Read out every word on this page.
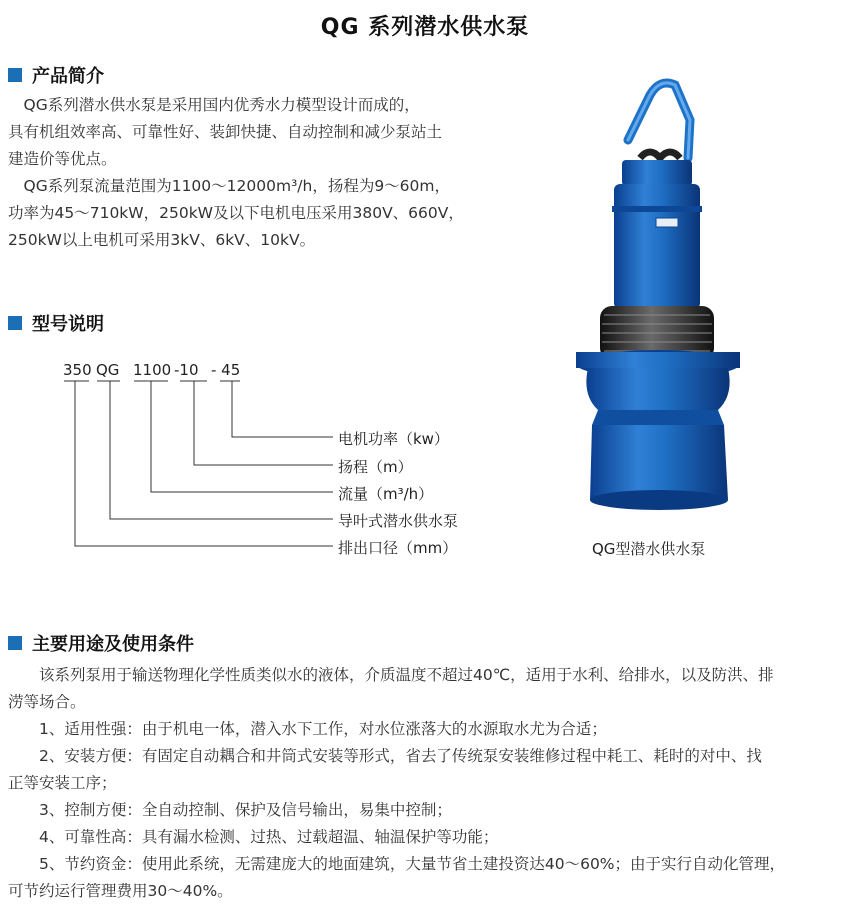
QG 系列潜水供水泵
产品简介
　QG系列潜水供水泵是采用国内优秀水力模型设计而成的，
具有机组效率高、可靠性好、装卸快捷、自动控制和减少泵站土
建造价等优点。
　QG系列泵流量范围为1100～12000m³/h，扬程为9～60m，
功率为45～710kW，250kW及以下电机电压采用380V、660V，
250kW以上电机可采用3kV、6kV、10kV。
型号说明
350 QG 1100 -10 - 45
电机功率（kw）
扬程（m）
流量（m³/h）
导叶式潜水供水泵
排出口径（mm）	QG型潜水供水泵
主要用途及使用条件
　　该系列泵用于输送物理化学性质类似水的液体，介质温度不超过40℃，适用于水利、给排水，以及防洪、排
涝等场合。
　　1、适用性强：由于机电一体，潜入水下工作，对水位涨落大的水源取水尤为合适；
　　2、安装方便：有固定自动耦合和井筒式安装等形式，省去了传统泵安装维修过程中耗工、耗时的对中、找
正等安装工序；
　　3、控制方便：全自动控制、保护及信号输出，易集中控制；
　　4、可靠性高：具有漏水检测、过热、过载超温、轴温保护等功能；
　　5、节约资金：使用此系统，无需建庞大的地面建筑，大量节省土建投资达40～60%；由于实行自动化管理，
可节约运行管理费用30～40%。
